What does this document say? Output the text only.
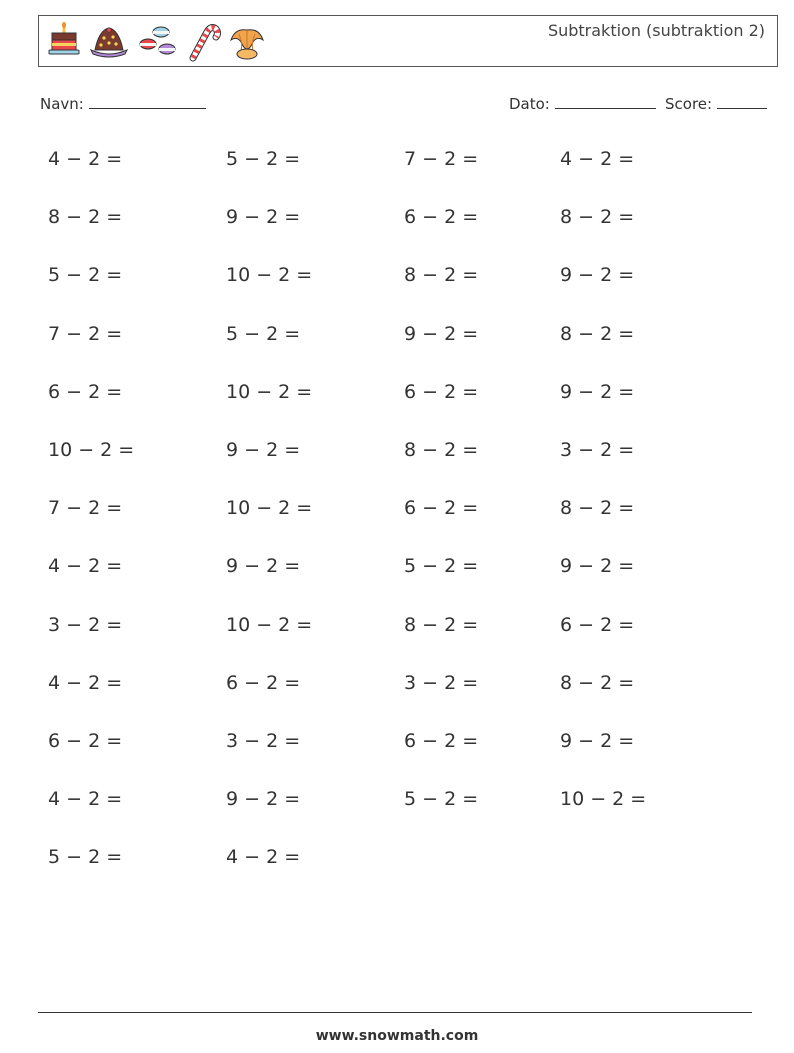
Subtraktion (subtraktion 2)
Navn:	Dato:	Score:
4 − 2 =	5 − 2 =	7 − 2 =	4 − 2 =
8 − 2 =	9 − 2 =	6 − 2 =	8 − 2 =
5 − 2 =	10 − 2 =	8 − 2 =	9 − 2 =
7 − 2 =	5 − 2 =	9 − 2 =	8 − 2 =
6 − 2 =	10 − 2 =	6 − 2 =	9 − 2 =
10 − 2 =	9 − 2 =	8 − 2 =	3 − 2 =
7 − 2 =	10 − 2 =	6 − 2 =	8 − 2 =
4 − 2 =	9 − 2 =	5 − 2 =	9 − 2 =
3 − 2 =	10 − 2 =	8 − 2 =	6 − 2 =
4 − 2 =	6 − 2 =	3 − 2 =	8 − 2 =
6 − 2 =	3 − 2 =	6 − 2 =	9 − 2 =
4 − 2 =	9 − 2 =	5 − 2 =	10 − 2 =
5 − 2 =	4 − 2 =
www.snowmath.com
